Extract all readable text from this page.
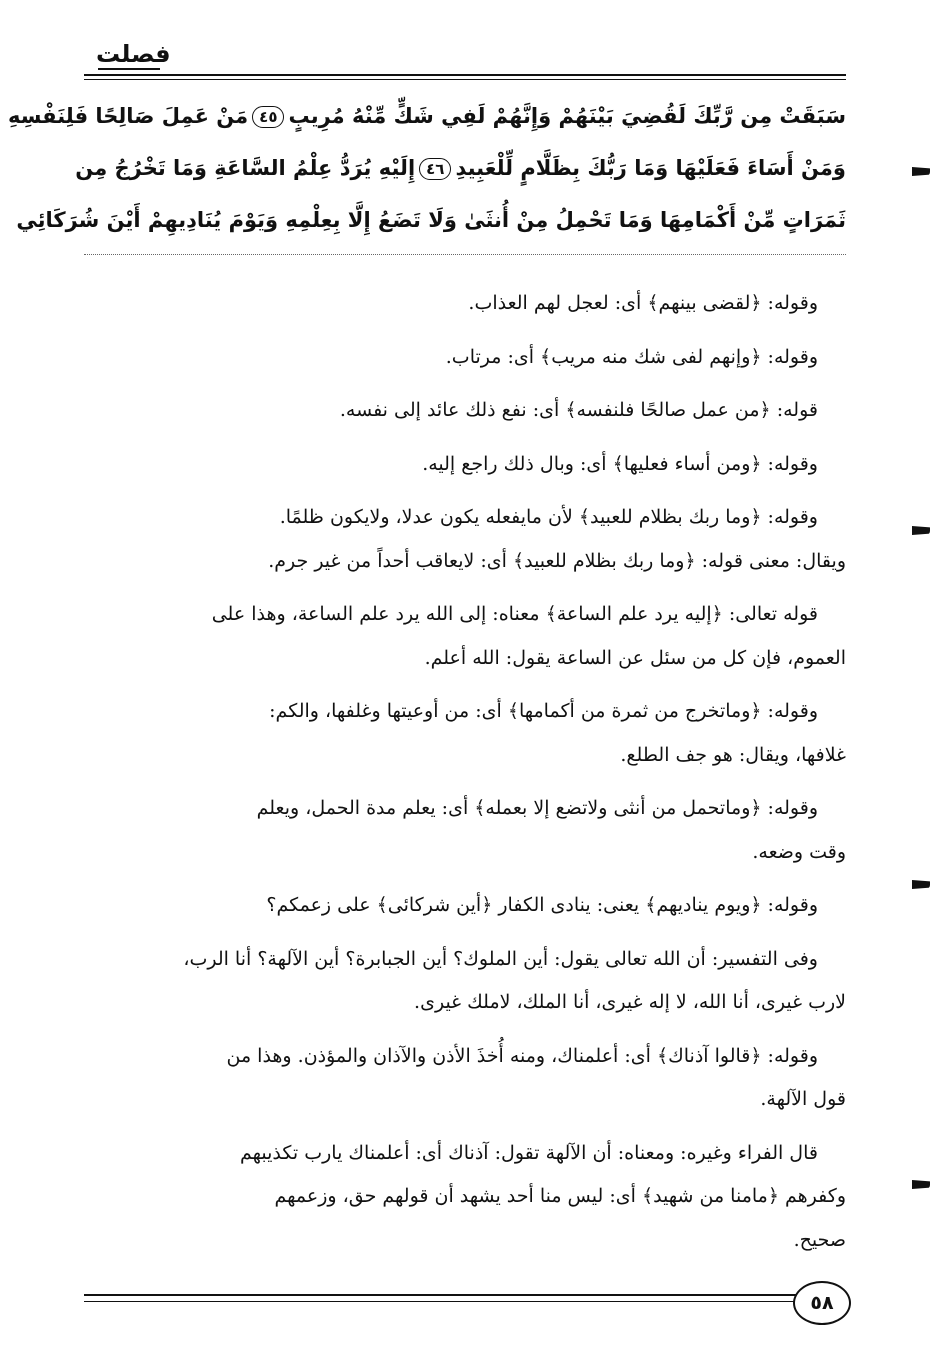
فصلت
سَبَقَتْ مِن رَّبِّكَ لَقُضِيَ بَيْنَهُمْ وَإِنَّهُمْ لَفِي شَكٍّ مِّنْهُ مُرِيبٍ٤٥مَنْ عَمِلَ صَالِحًا فَلِنَفْسِهِ
وَمَنْ أَسَاءَ فَعَلَيْهَا وَمَا رَبُّكَ بِظَلَّامٍ لِّلْعَبِيدِ٤٦إِلَيْهِ يُرَدُّ عِلْمُ السَّاعَةِ وَمَا تَخْرُجُ مِن
ثَمَرَاتٍ مِّنْ أَكْمَامِهَا وَمَا تَحْمِلُ مِنْ أُنثَىٰ وَلَا تَضَعُ إِلَّا بِعِلْمِهِ وَيَوْمَ يُنَادِيهِمْ أَيْنَ شُرَكَائِي
وقوله: ﴿لقضى بينهم﴾ أى: لعجل لهم العذاب.
وقوله: ﴿وإنهم لفى شك منه مريب﴾ أى: مرتاب.
قوله: ﴿من عمل صالحًا فلنفسه﴾ أى: نفع ذلك عائد إلى نفسه.
وقوله: ﴿ومن أساء فعليها﴾ أى: وبال ذلك راجع إليه.
وقوله: ﴿وما ربك بظلام للعبيد﴾ لأن مايفعله يكون عدلا، ولايكون ظلمًا.
ويقال: معنى قوله: ﴿وما ربك بظلام للعبيد﴾ أى: لايعاقب أحداً من غير جرم.
قوله تعالى: ﴿إليه يرد علم الساعة﴾ معناه: إلى الله يرد علم الساعة، وهذا على
العموم، فإن كل من سئل عن الساعة يقول: الله أعلم.
وقوله: ﴿وماتخرج من ثمرة من أكمامها﴾ أى: من أوعيتها وغلفها، والكم:
غلافها، ويقال: هو جف الطلع.
وقوله: ﴿وماتحمل من أنثى ولاتضع إلا بعمله﴾ أى: يعلم مدة الحمل، ويعلم
وقت وضعه.
وقوله: ﴿ويوم يناديهم﴾ يعنى: ينادى الكفار ﴿أين شركائى﴾ على زعمكم؟
وفى التفسير: أن الله تعالى يقول: أين الملوك؟ أين الجبابرة؟ أين الآلهة؟ أنا الرب،
لارب غيرى، أنا الله، لا إله غيرى، أنا الملك، لاملك غيرى.
وقوله: ﴿قالوا آذناك﴾ أى: أعلمناك، ومنه أُخذَ الأذن والآذان والمؤذن. وهذا من
قول الآلهة.
قال الفراء وغيره: ومعناه: أن الآلهة تقول: آذناك أى: أعلمناك يارب تكذيبهم
وكفرهم ﴿مامنا من شهيد﴾ أى: ليس منا أحد يشهد أن قولهم حق، وزعمهم
صحيح.
٥٨
